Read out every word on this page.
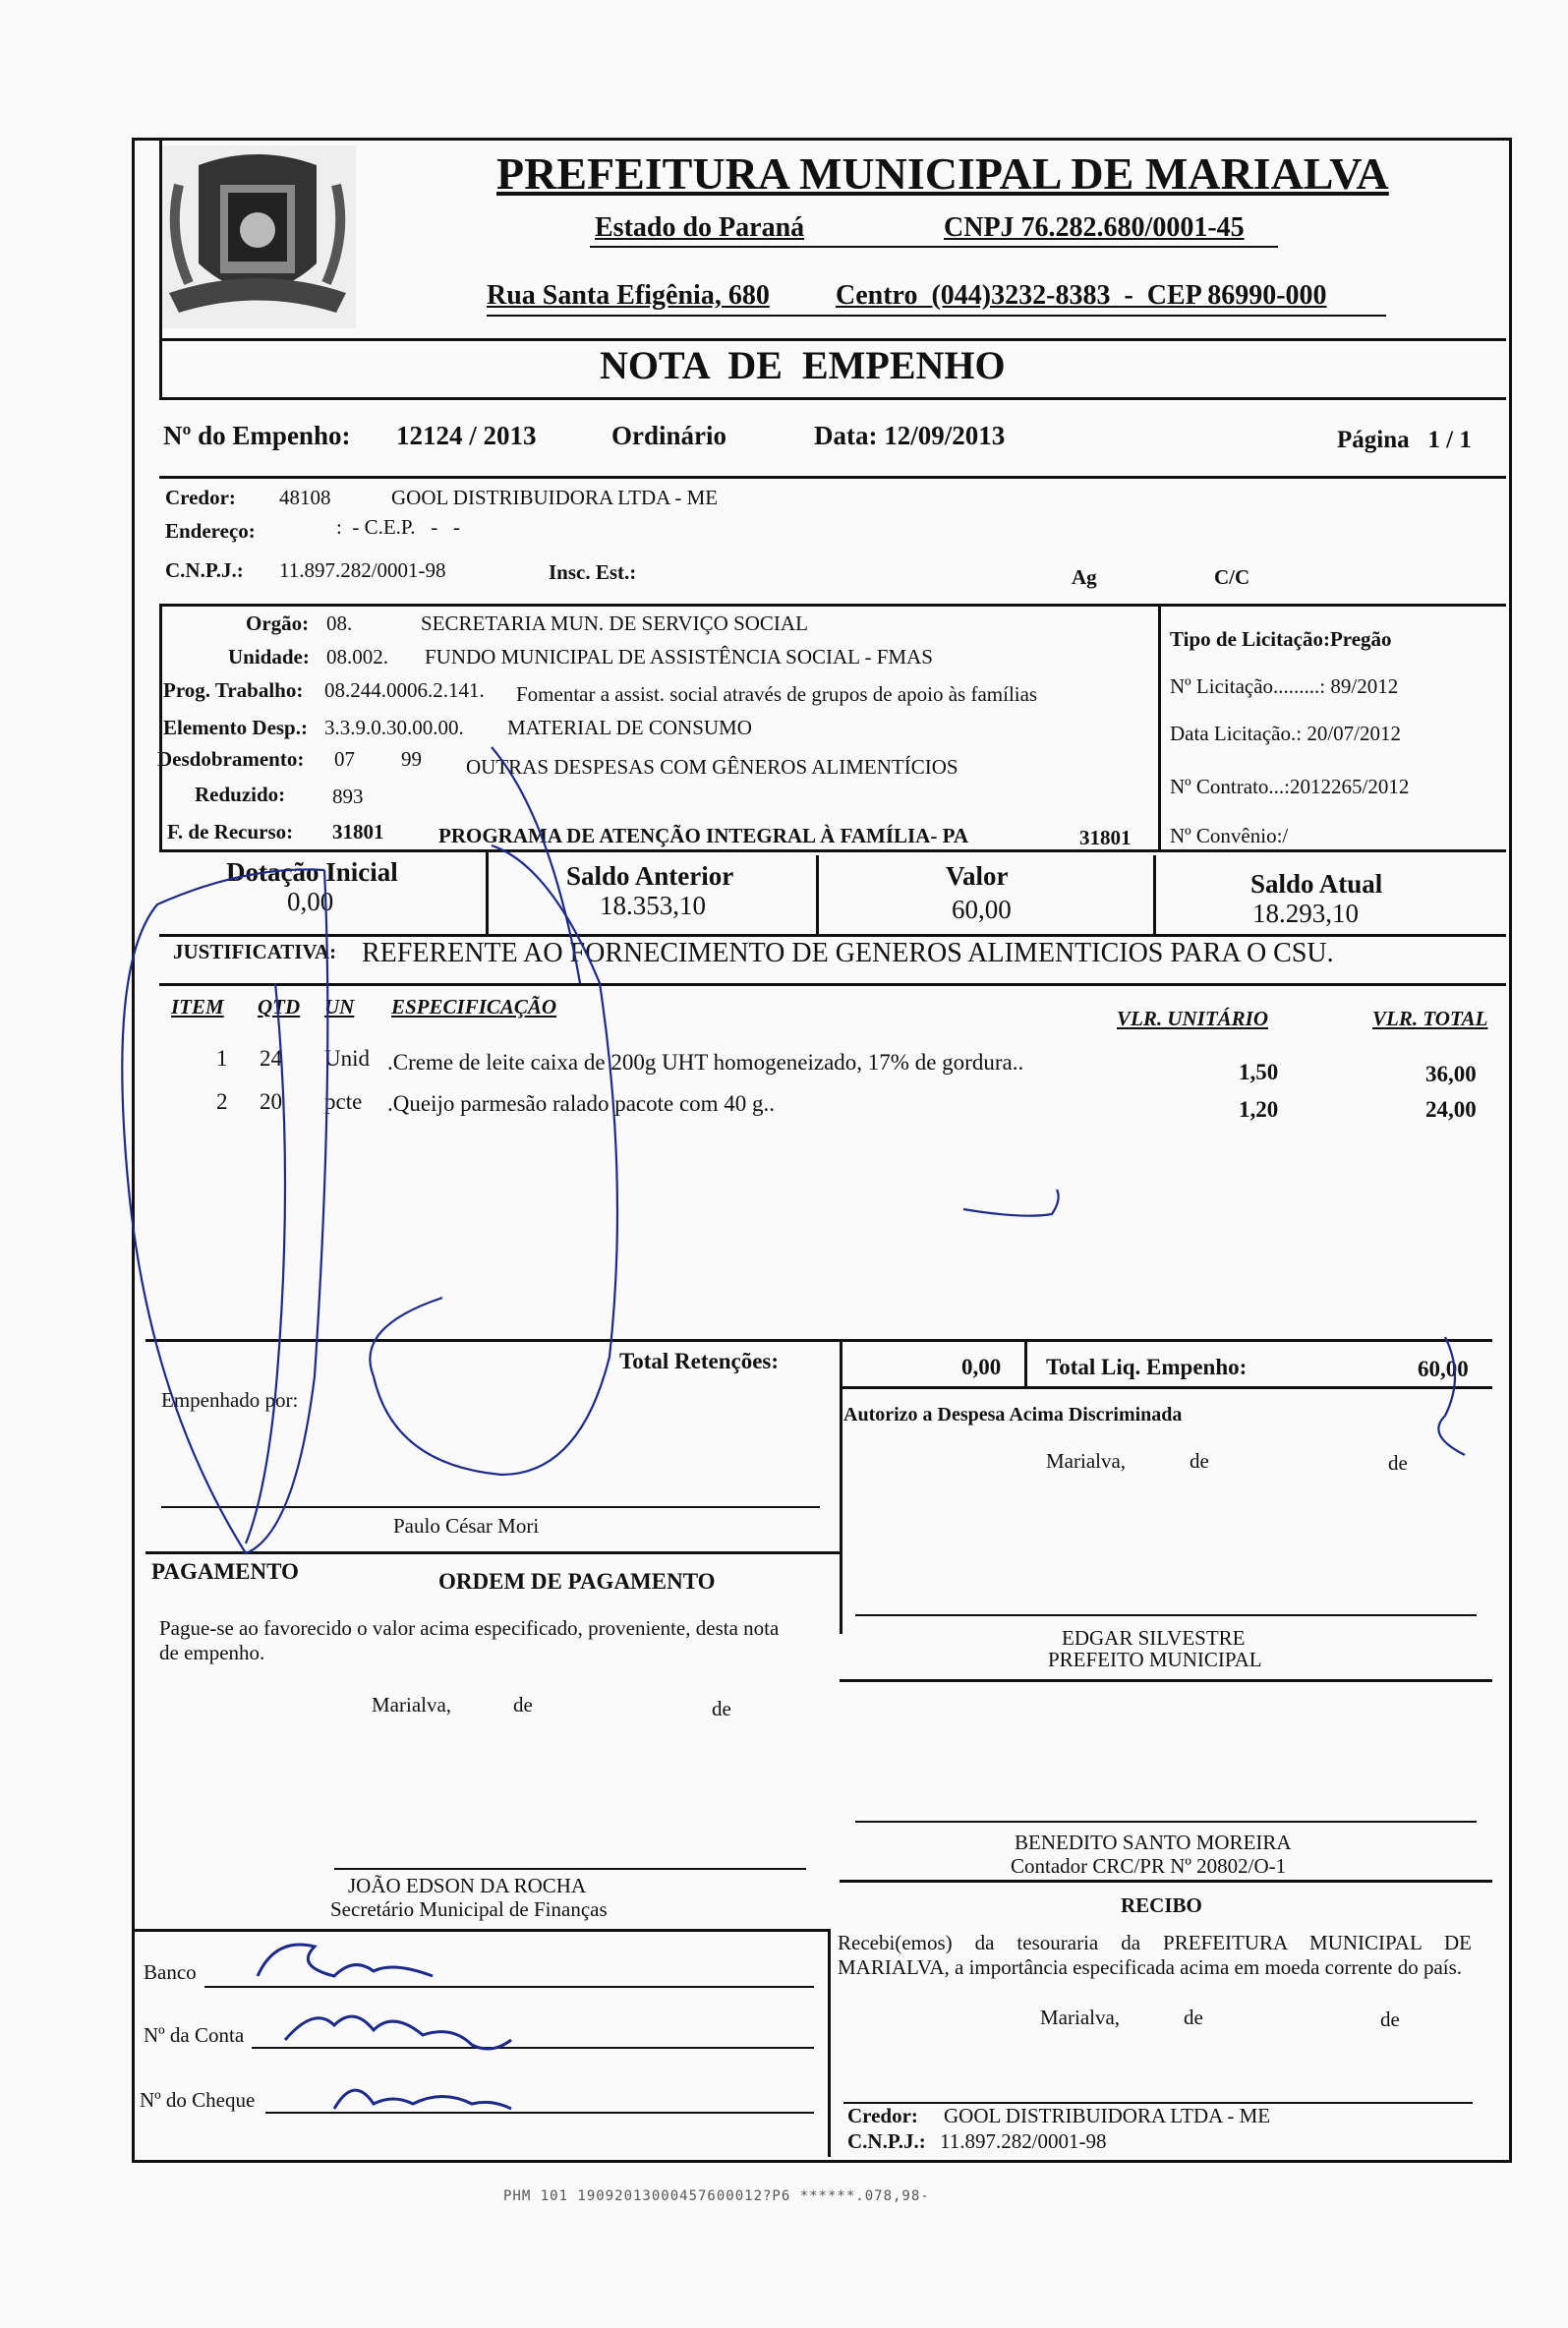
PREFEITURA MUNICIPAL DE MARIALVA
Estado do Paraná	CNPJ 76.282.680/0001-45
Rua Santa Efigênia, 680 Centro  (044)3232-8383  -  CEP 86990-000
NOTA  DE  EMPENHO
Nº do Empenho: 12124 / 2013	Ordinário	Data: 12/09/2013	Página   1 / 1
Credor: 48108	GOOL DISTRIBUIDORA LTDA - ME
Endereço:	:  - C.E.P.   -   -
C.N.P.J.: 11.897.282/0001-98	Insc. Est.:	Ag	C/C
Orgão: 08.	SECRETARIA MUN. DE SERVIÇO SOCIAL
Unidade: 08.002. FUNDO MUNICIPAL DE ASSISTÊNCIA SOCIAL - FMAS
Prog. Trabalho: 08.244.0006.2.141. Fomentar a assist. social através de grupos de apoio às famílias
Elemento Desp.: 3.3.9.0.30.00.00. MATERIAL DE CONSUMO
Desdobramento: 07 99 OUTRAS DESPESAS COM GÊNEROS ALIMENTÍCIOS
Reduzido: 893
F. de Recurso: 31801	PROGRAMA DE ATENÇÃO INTEGRAL À FAMÍLIA- PA	31801
Tipo de Licitação:Pregão
Nº Licitação.........: 89/2012
Data Licitação.: 20/07/2012
Nº Contrato...:2012265/2012
Nº Convênio:/
Dotação Inicial
0,00
Saldo Anterior
18.353,10
Valor
60,00
Saldo Atual
18.293,10
JUSTIFICATIVA: REFERENTE AO FORNECIMENTO DE GENEROS ALIMENTICIOS PARA O CSU.
ITEM QTD UN ESPECIFICAÇÃO	VLR. UNITÁRIO	VLR. TOTAL
1 24 Unid .Creme de leite caixa de 200g UHT homogeneizado, 17% de gordura..	1,50	36,00
2 20 pcte .Queijo parmesão ralado pacote com 40 g..	1,20	24,00
Total Retenções:	0,00 Total Liq. Empenho:	60,00
Empenhado por:
Paulo César Mori
Autorizo a Despesa Acima Discriminada
Marialva,	de	de
PAGAMENTO	ORDEM DE PAGAMENTO
Pague-se ao favorecido o valor acima especificado, proveniente, desta nota de empenho.
Marialva,	de	de
JOÃO EDSON DA ROCHA
Secretário Municipal de Finanças
EDGAR SILVESTRE
PREFEITO MUNICIPAL
BENEDITO SANTO MOREIRA
Contador CRC/PR Nº 20802/O-1
RECIBO
Recebi(emos) da tesouraria da PREFEITURA MUNICIPAL DE MARIALVA, a importância especificada acima em moeda corrente do país.
Marialva,	de	de
Credor: GOOL DISTRIBUIDORA LTDA - ME
C.N.P.J.: 11.897.282/0001-98
Banco
Nº da Conta
Nº do Cheque
PHM 101 19092013000457600012?P6 ******.078,98-
